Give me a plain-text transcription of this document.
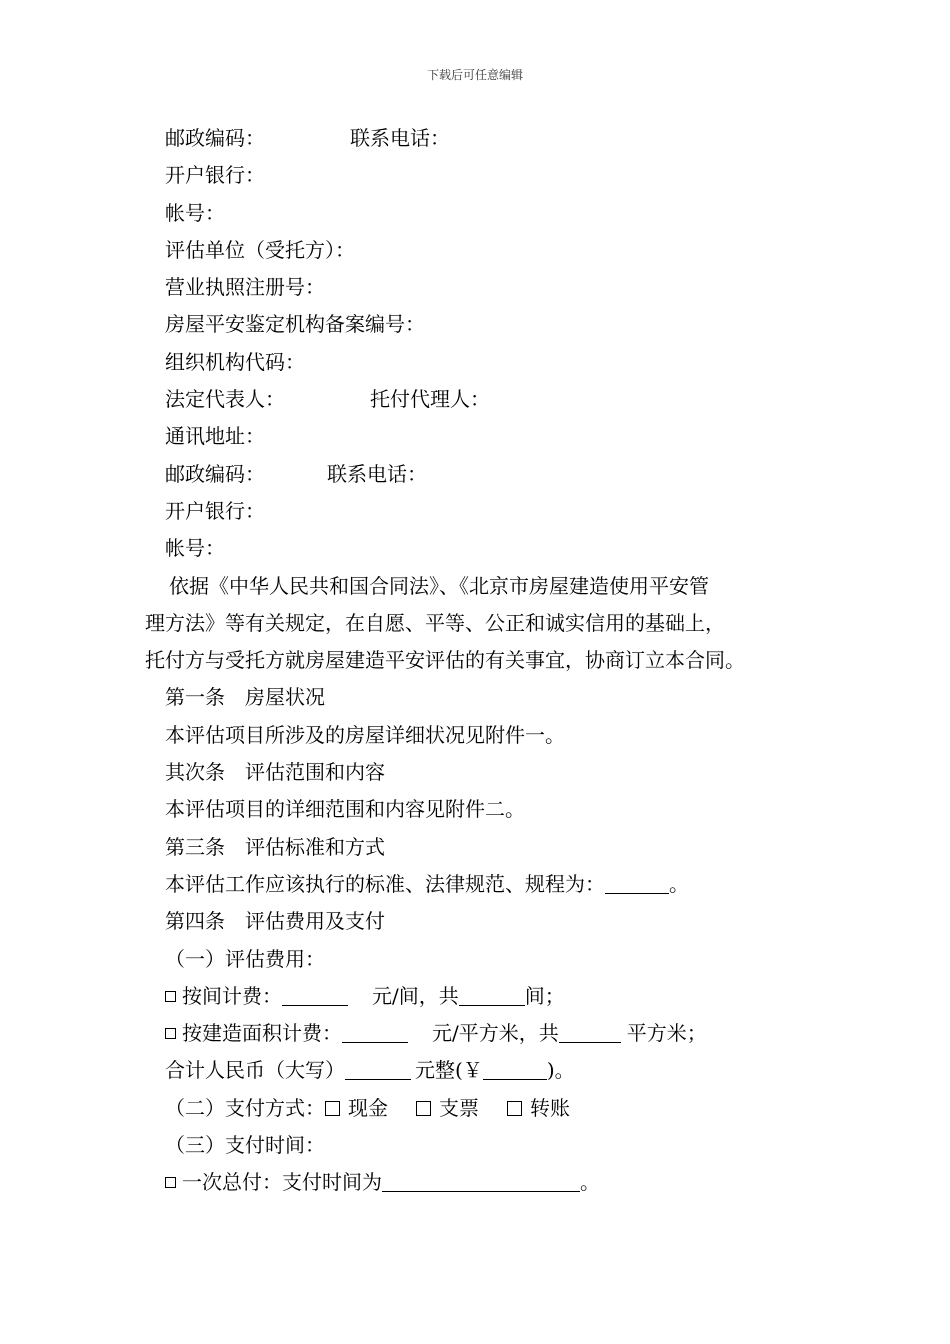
下载后可任意编辑
邮政编码：	联系电话：
开户银行：
帐号：
评估单位（受托方）：
营业执照注册号：
房屋平安鉴定机构备案编号：
组织机构代码：
法定代表人：	托付代理人：
通讯地址：
邮政编码：	联系电话：
开户银行：
帐号：
依据《中华人民共和国合同法》、《北京市房屋建造使用平安管
理方法》等有关规定，在自愿、平等、公正和诚实信用的基础上，
托付方与受托方就房屋建造平安评估的有关事宜，协商订立本合同。
第一条　房屋状况
本评估项目所涉及的房屋详细状况见附件一。
其次条　评估范围和内容
本评估项目的详细范围和内容见附件二。
第三条　评估标准和方式
本评估工作应该执行的标准、法律规范、规程为：	。
第四条　评估费用及支付
（一）评估费用：
按间计费：	元/间，共	间；
按建造面积计费：	元/平方米，共	平方米；
合计人民币（大写）	元整(￥	)。
（二）支付方式： 现金	支票	转账
（三）支付时间：
一次总付：支付时间为	。
